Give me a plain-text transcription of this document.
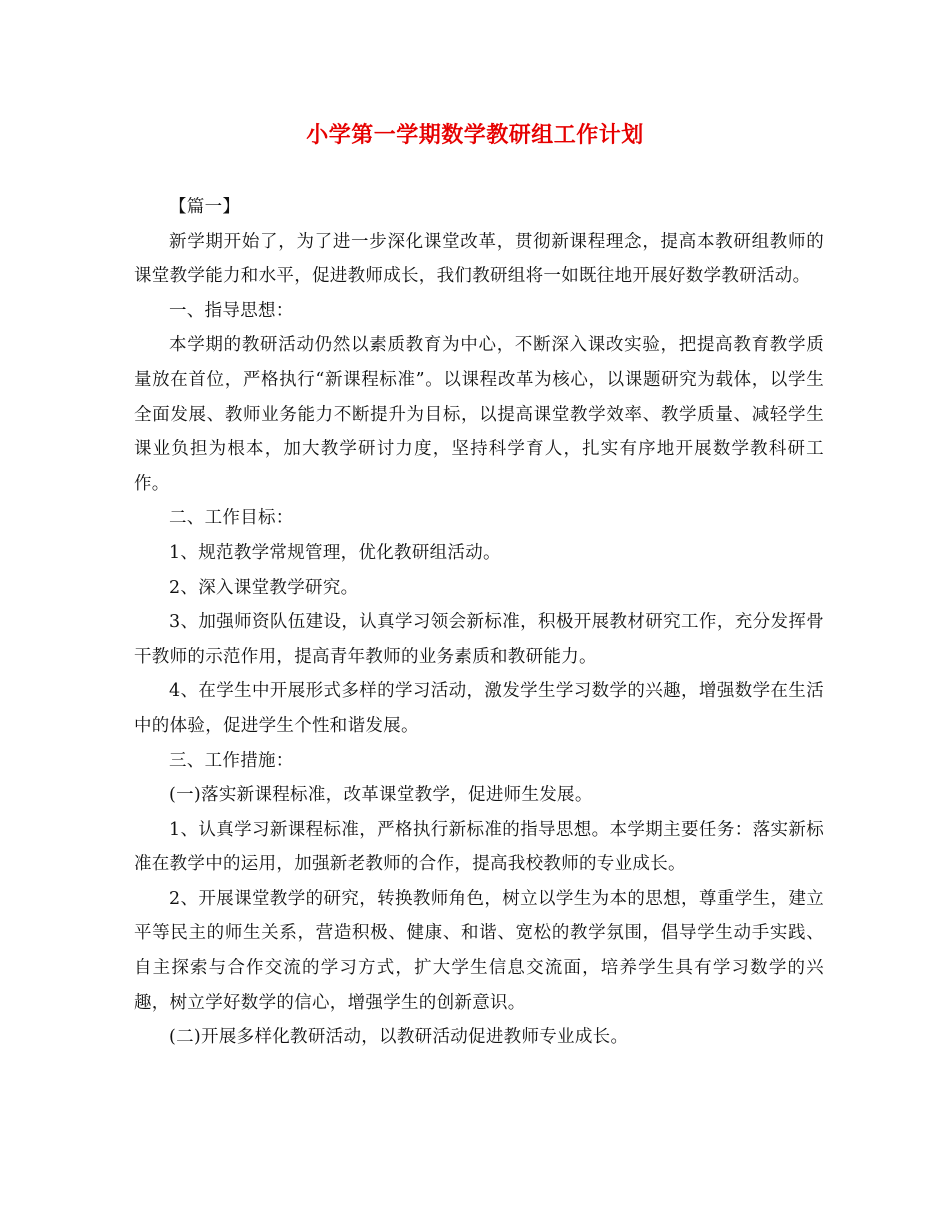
小学第一学期数学教研组工作计划

【篇一】

新学期开始了，为了进一步深化课堂改革，贯彻新课程理念，提高本教研组教师的课堂教学能力和水平，促进教师成长，我们教研组将一如既往地开展好数学教研活动。

一、指导思想：

本学期的教研活动仍然以素质教育为中心，不断深入课改实验，把提高教育教学质量放在首位，严格执行“新课程标准”。以课程改革为核心，以课题研究为载体，以学生全面发展、教师业务能力不断提升为目标，以提高课堂教学效率、教学质量、减轻学生课业负担为根本，加大教学研讨力度，坚持科学育人，扎实有序地开展数学教科研工作。

二、工作目标：

1、规范教学常规管理，优化教研组活动。

2、深入课堂教学研究。

3、加强师资队伍建设，认真学习领会新标准，积极开展教材研究工作，充分发挥骨干教师的示范作用，提高青年教师的业务素质和教研能力。

4、在学生中开展形式多样的学习活动，激发学生学习数学的兴趣，增强数学在生活中的体验，促进学生个性和谐发展。

三、工作措施：

(一)落实新课程标准，改革课堂教学，促进师生发展。

1、认真学习新课程标准，严格执行新标准的指导思想。本学期主要任务：落实新标准在教学中的运用，加强新老教师的合作，提高我校教师的专业成长。

2、开展课堂教学的研究，转换教师角色，树立以学生为本的思想，尊重学生，建立平等民主的师生关系，营造积极、健康、和谐、宽松的教学氛围，倡导学生动手实践、自主探索与合作交流的学习方式，扩大学生信息交流面，培养学生具有学习数学的兴趣，树立学好数学的信心，增强学生的创新意识。

(二)开展多样化教研活动，以教研活动促进教师专业成长。
